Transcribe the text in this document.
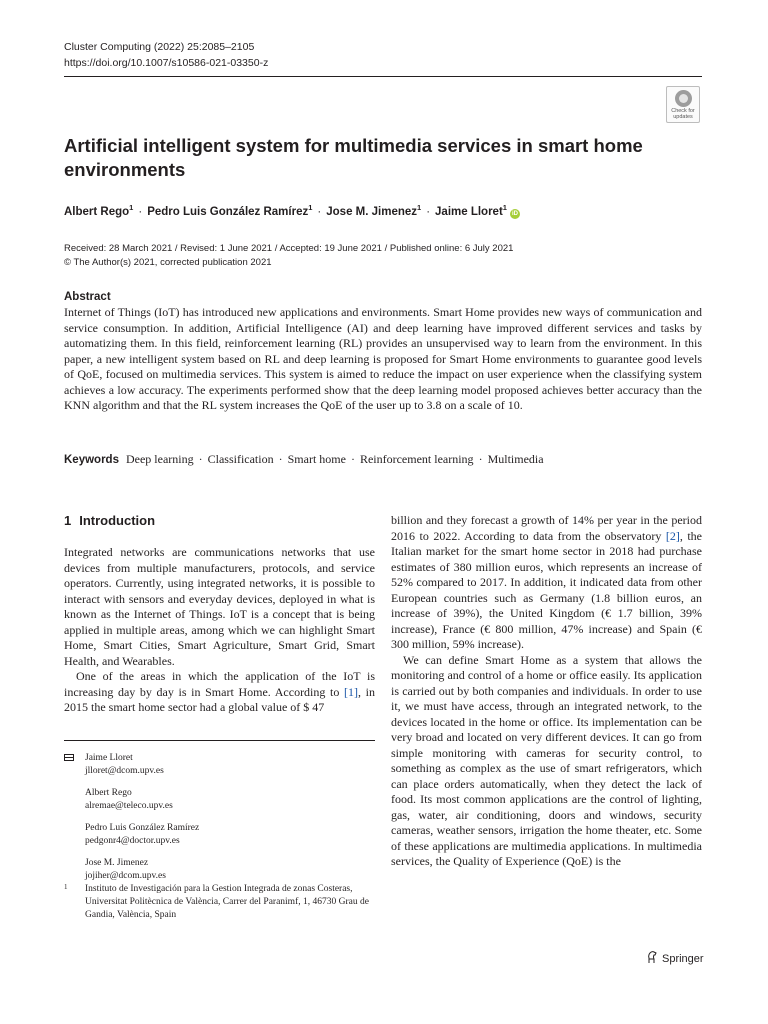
Cluster Computing (2022) 25:2085–2105
https://doi.org/10.1007/s10586-021-03350-z
Check for
updates
Artificial intelligent system for multimedia services in smart home environments
Albert Rego$^1$ · Pedro Luis González Ramírez$^1$ · Jose M. Jimenez$^1$ · Jaime Lloret$^1$iD
Received: 28 March 2021 / Revised: 1 June 2021 / Accepted: 19 June 2021 / Published online: 6 July 2021
© The Author(s) 2021, corrected publication 2021
Abstract

Internet of Things (IoT) has introduced new applications and environments. Smart Home provides new ways of communication and service consumption. In addition, Artificial Intelligence (AI) and deep learning have improved different services and tasks by automatizing them. In this field, reinforcement learning (RL) provides an unsupervised way to learn from the environment. In this paper, a new intelligent system based on RL and deep learning is proposed for Smart Home environments to guarantee good levels of QoE, focused on multimedia services. This system is aimed to reduce the impact on user experience when the classifying system achieves a low accuracy. The experiments performed show that the deep learning model proposed achieves better accuracy than the KNN algorithm and that the RL system increases the QoE of the user up to 3.8 on a scale of 10.

Keywords Deep learning · Classification · Smart home · Reinforcement learning · Multimedia
1 Introduction

Integrated networks are communications networks that use devices from multiple manufacturers, protocols, and service operators. Currently, using integrated networks, it is possible to interact with sensors and everyday devices, deployed in what is known as the Internet of Things. IoT is a concept that is being applied in multiple areas, among which we can highlight Smart Home, Smart Cities, Smart Agriculture, Smart Grid, Smart Health, and Wearables.

One of the areas in which the application of the IoT is increasing day by day is in Smart Home. According to [1], in 2015 the smart home sector had a global value of $ 47

billion and they forecast a growth of 14% per year in the period 2016 to 2022. According to data from the observatory [2], the Italian market for the smart home sector in 2018 had purchase estimates of 380 million euros, which represents an increase of 52% compared to 2017. In addition, it indicated data from other European countries such as Germany (1.8 billion euros, an increase of 39%), the United Kingdom (€ 1.7 billion, 39% increase), France (€ 800 million, 47% increase) and Spain (€ 300 million, 59% increase).

We can define Smart Home as a system that allows the monitoring and control of a home or office easily. Its application is carried out by both companies and individuals. In order to use it, we must have access, through an integrated network, to the devices located in the home or office. Its implementation can be very broad and located on very different devices. It can go from simple monitoring with cameras for security control, to something as complex as the use of smart refrigerators, which can place orders automatically, when they detect the lack of food. Its most common applications are the control of lighting, gas, water, air conditioning, doors and windows, security cameras, weather sensors, irrigation the home theater, etc. Some of these applications are multimedia applications. In multimedia services, the Quality of Experience (QoE) is the

Jaime Lloret
jlloret@dcom.upv.es
Albert Rego
alremae@teleco.upv.es
Pedro Luis González Ramírez
pedgonr4@doctor.upv.es
Jose M. Jimenez
jojiher@dcom.upv.es
1 Instituto de Investigación para la Gestion Integrada de zonas Costeras, Universitat Politècnica de València, Carrer del Paranimf, 1, 46730 Grau de Gandia, València, Spain
Springer
